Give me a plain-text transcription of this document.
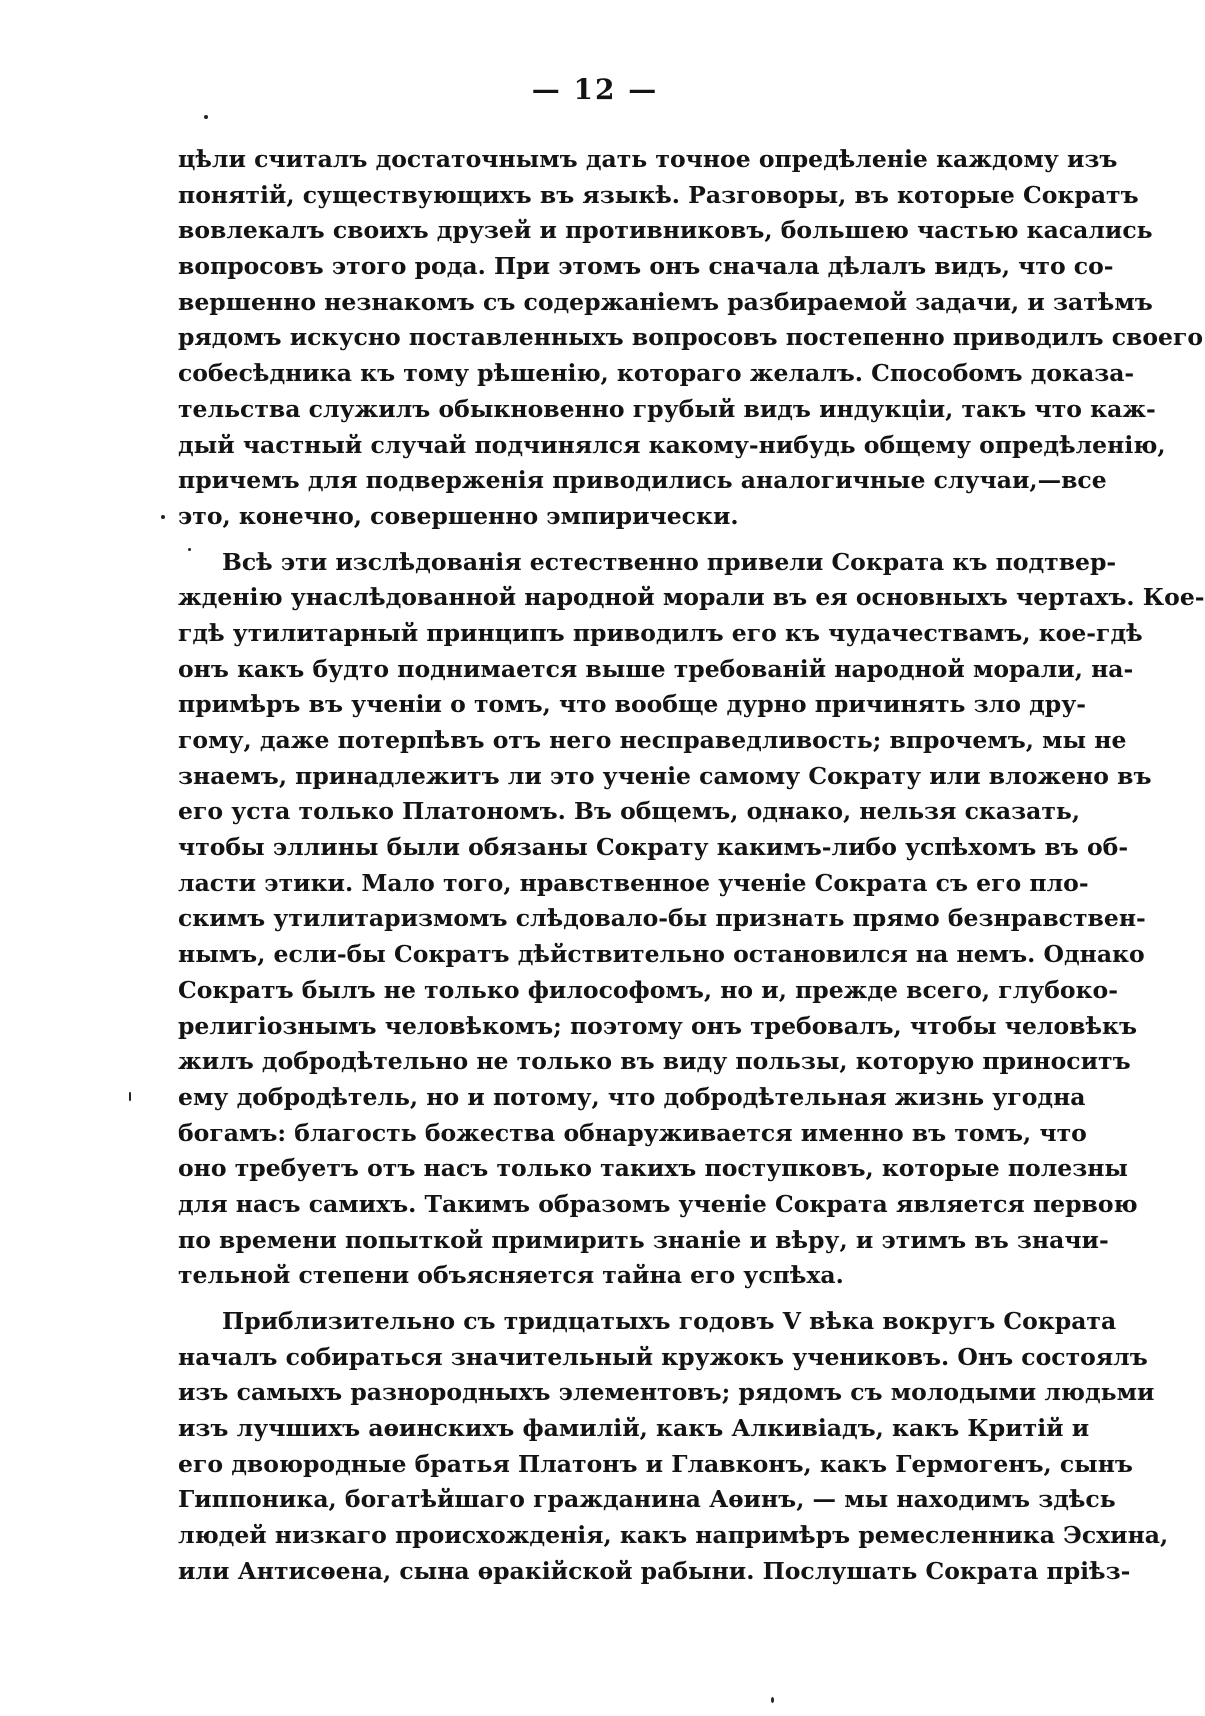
— 12 —
цѣли считалъ достаточнымъ дать точное опредѣленіе каждому изъ
понятій, существующихъ въ языкѣ. Разговоры, въ которые Сократъ
вовлекалъ своихъ друзей и противниковъ, большею частью касались
вопросовъ этого рода. При этомъ онъ сначала дѣлалъ видъ, что со-
вершенно незнакомъ съ содержаніемъ разбираемой задачи, и затѣмъ
рядомъ искусно поставленныхъ вопросовъ постепенно приводилъ своего
собесѣдника къ тому рѣшенію, котораго желалъ. Способомъ доказа-
тельства служилъ обыкновенно грубый видъ индукціи, такъ что каж-
дый частный случай подчинялся какому-нибудь общему опредѣленію,
причемъ для подверженія приводились аналогичные случаи,—все
это, конечно, совершенно эмпирически.
Всѣ эти изслѣдованія естественно привели Сократа къ подтвер-
жденію унаслѣдованной народной морали въ ея основныхъ чертахъ. Кое-
гдѣ утилитарный принципъ приводилъ его къ чудачествамъ, кое-гдѣ
онъ какъ будто поднимается выше требованій народной морали, на-
примѣръ въ ученіи о томъ, что вообще дурно причинять зло дру-
гому, даже потерпѣвъ отъ него несправедливость; впрочемъ, мы не
знаемъ, принадлежитъ ли это ученіе самому Сократу или вложено въ
его уста только Платономъ. Въ общемъ, однако, нельзя сказать,
чтобы эллины были обязаны Сократу какимъ-либо успѣхомъ въ об-
ласти этики. Мало того, нравственное ученіе Сократа съ его пло-
скимъ утилитаризмомъ слѣдовало-бы признать прямо безнравствен-
нымъ, если-бы Сократъ дѣйствительно остановился на немъ. Однако
Сократъ былъ не только философомъ, но и, прежде всего, глубоко-
религіознымъ человѣкомъ; поэтому онъ требовалъ, чтобы человѣкъ
жилъ добродѣтельно не только въ виду пользы, которую приноситъ
ему добродѣтель, но и потому, что добродѣтельная жизнь угодна
богамъ: благость божества обнаруживается именно въ томъ, что
оно требуетъ отъ насъ только такихъ поступковъ, которые полезны
для насъ самихъ. Такимъ образомъ ученіе Сократа является первою
по времени попыткой примирить знаніе и вѣру, и этимъ въ значи-
тельной степени объясняется тайна его успѣха.
Приблизительно съ тридцатыхъ годовъ V вѣка вокругъ Сократа
началъ собираться значительный кружокъ учениковъ. Онъ состоялъ
изъ самыхъ разнородныхъ элементовъ; рядомъ съ молодыми людьми
изъ лучшихъ аѳинскихъ фамилій, какъ Алкивіадъ, какъ Критій и
его двоюродные братья Платонъ и Главконъ, какъ Гермогенъ, сынъ
Гиппоника, богатѣйшаго гражданина Аѳинъ, — мы находимъ здѣсь
людей низкаго происхожденія, какъ напримѣръ ремесленника Эсхина,
или Антисѳена, сына ѳракійской рабыни. Послушать Сократа пріѣз-
